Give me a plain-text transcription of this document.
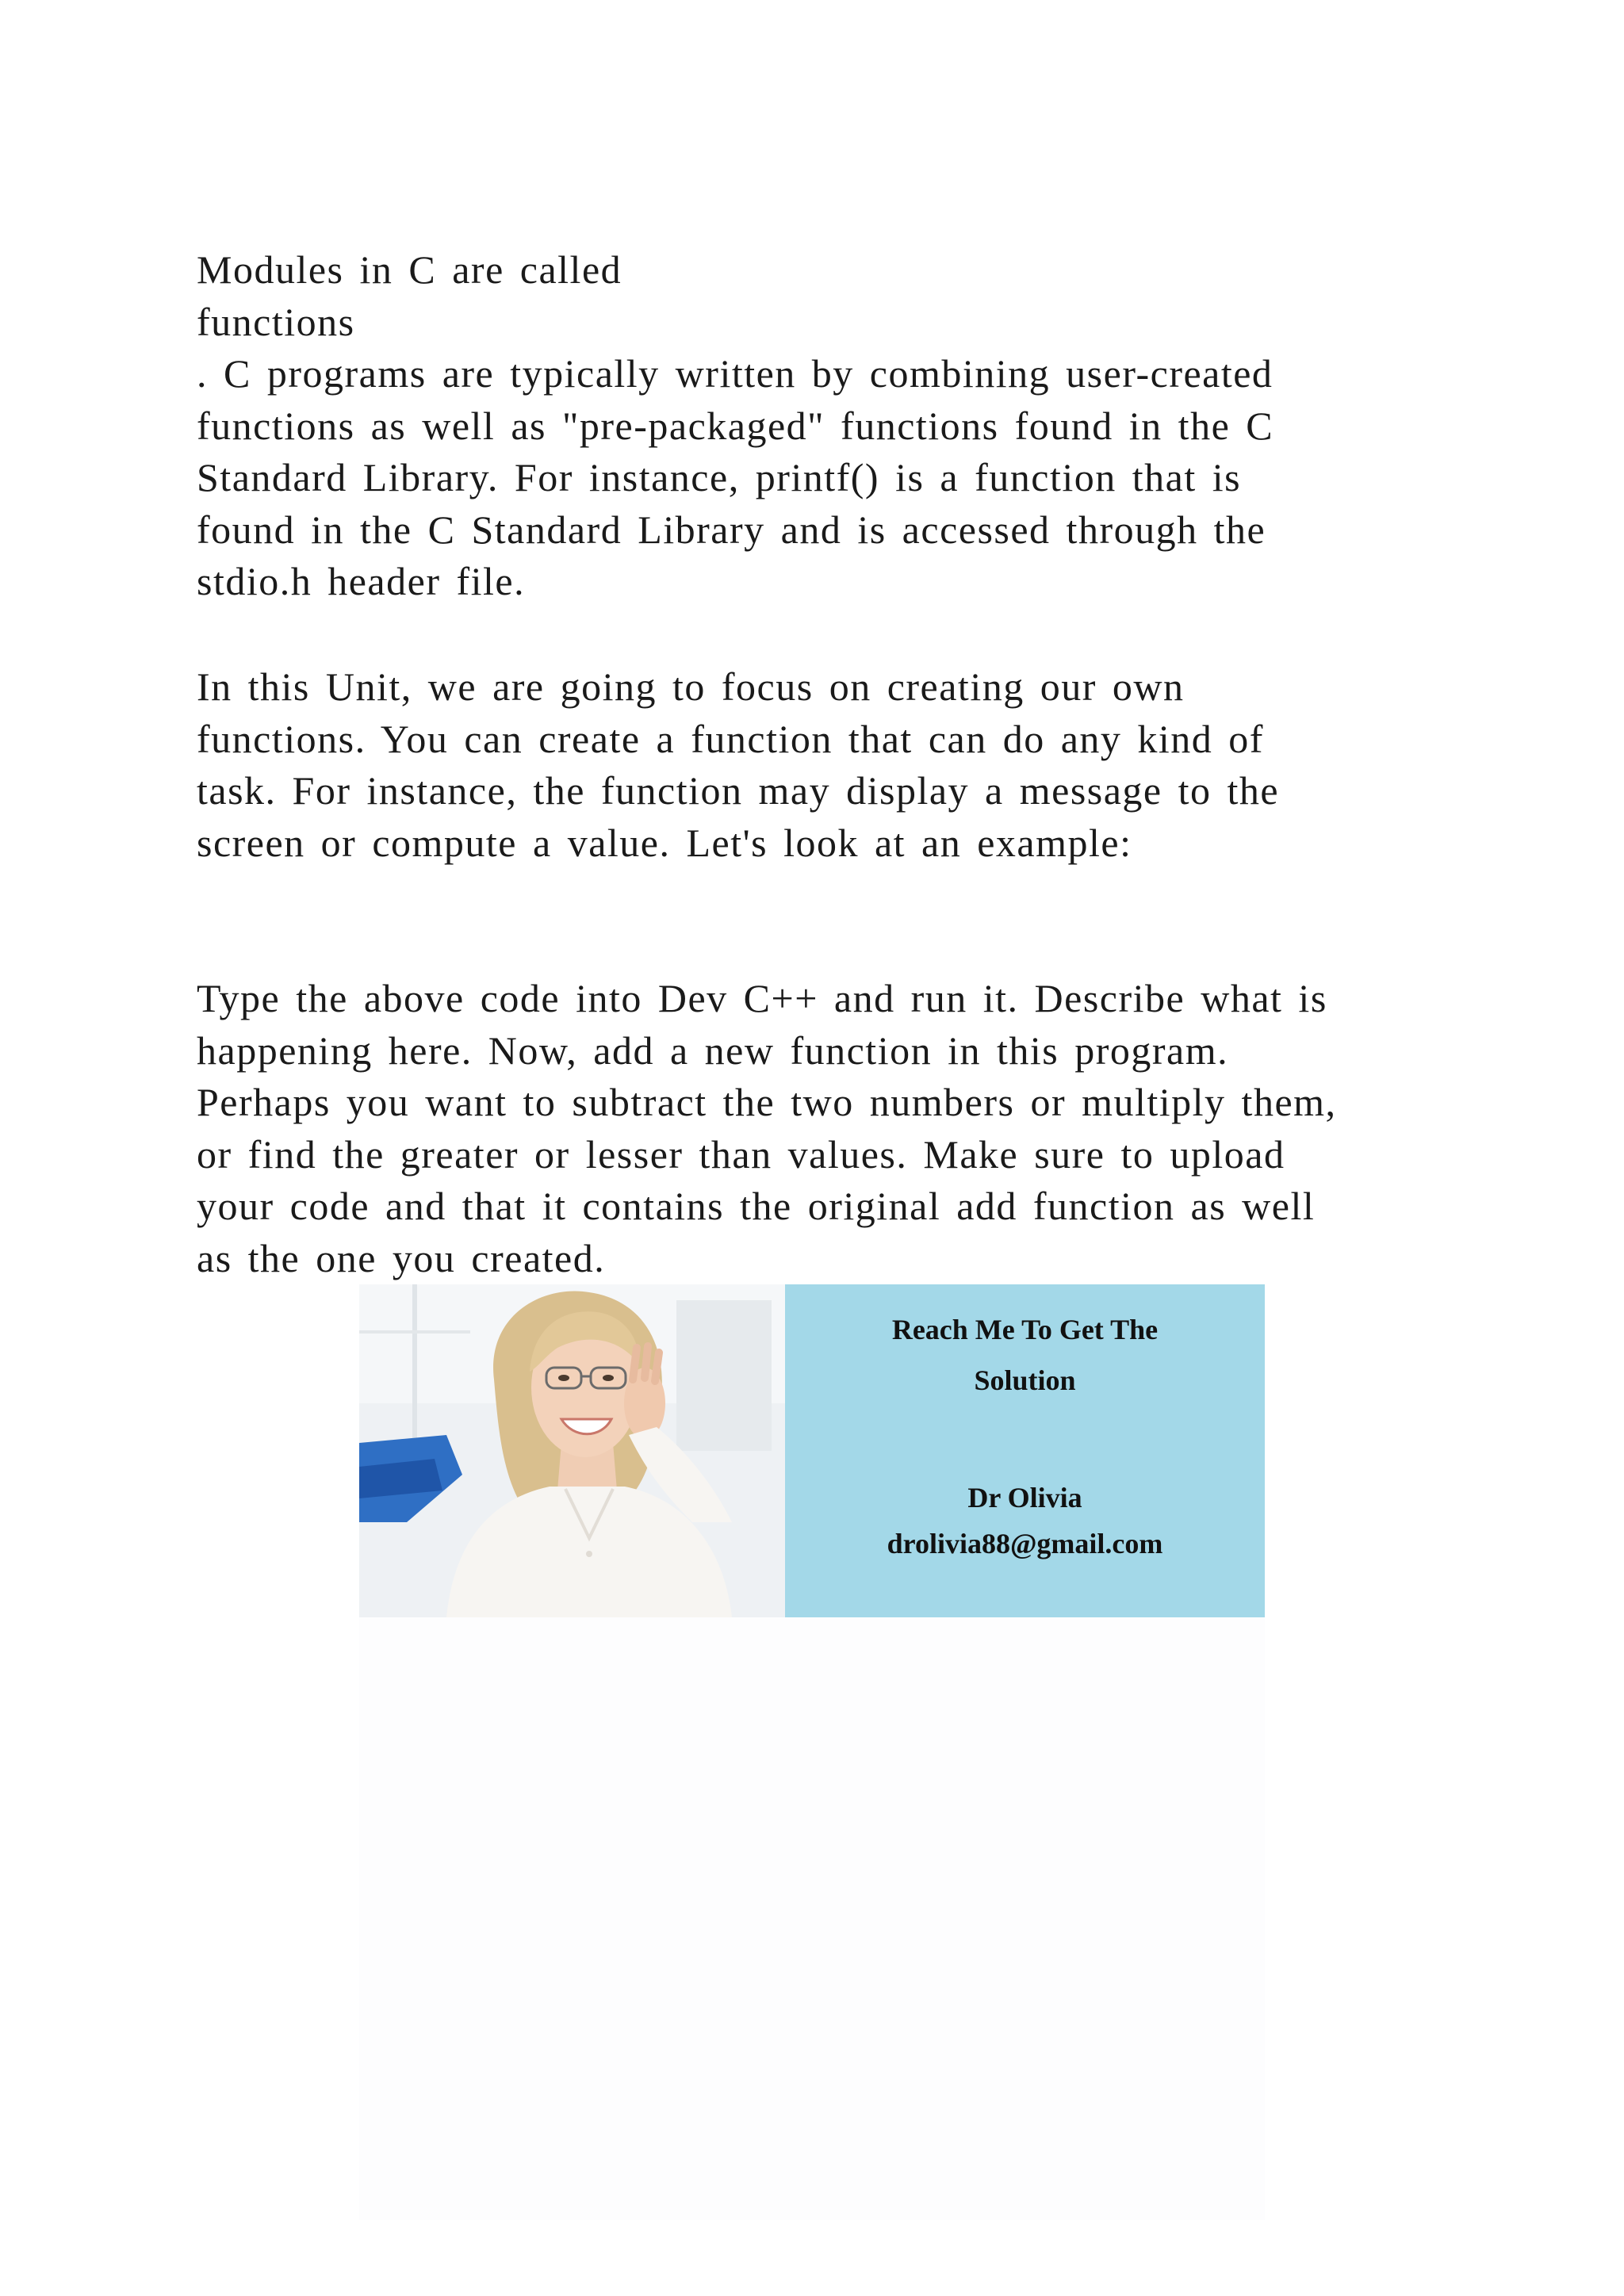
Modules in C are called
functions
. C programs are typically written by combining user-created
functions as well as "pre-packaged" functions found in the C
Standard Library. For instance, printf() is a function that is
found in the C Standard Library and is accessed through the
stdio.h header file.
In this Unit, we are going to focus on creating our own
functions. You can create a function that can do any kind of
task. For instance, the function may display a message to the
screen or compute a value. Let's look at an example:
Type the above code into Dev C++ and run it. Describe what is
happening here. Now, add a new function in this program.
Perhaps you want to subtract the two numbers or multiply them,
or find the greater or lesser than values. Make sure to upload
your code and that it contains the original add function as well
as the one you created.
Reach Me To Get The
Solution
Dr Olivia
drolivia88@gmail.com
